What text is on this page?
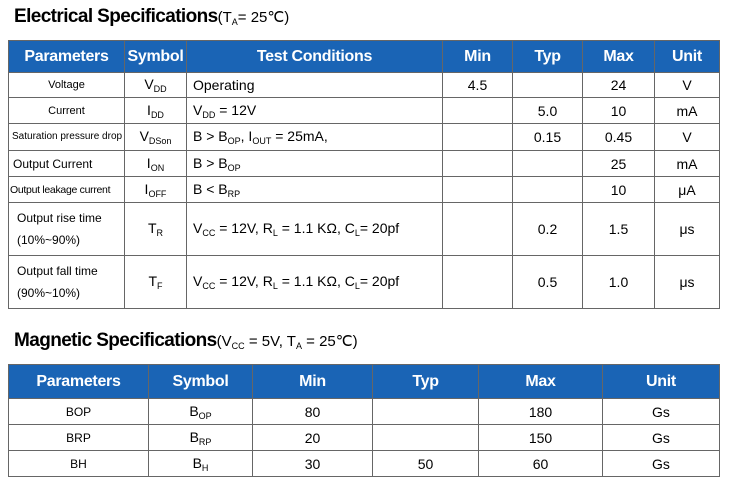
Electrical $Specifications(T_A=$ 25℃)
Parameters	Symbol	Test Conditions	Min	Typ	Max	Unit
Voltage	$V_{DD}$	Operating	4.5		24	V
Current	$I_{DD}$	$V_{DD} = 12V$		5.0	10	mA
Saturation pressure drop	$V_{DSon}$	$B > B_{OP}$, $I_{OUT} = 25mA$,		0.15	0.45	V
Output Current	$I_{ON}$	$B > B_{OP}$			25	mA
Output leakage current	$I_{OFF}$	$B < B_{RP}$			10	μA

Output rise time
(10%~90%)	$T_R$	$V_{CC} = 12V$, $R_L = 1.1$ KΩ, $C_L= 20pf$		0.2	1.5	μs

Output fall time
(90%~10%)	$T_F$	$V_{CC} = 12V$, $R_L = 1.1$ KΩ, $C_L= 20pf$		0.5	1.0	μs
Magnetic $Specifications(V_{CC} = 5V$, $T_A$ = 25℃)
Parameters	Symbol	Min	Typ	Max	Unit
BOP	$B_{OP}$	80		180	Gs
BRP	$B_{RP}$	20		150	Gs
BH	$B_H$	30	50	60	Gs
